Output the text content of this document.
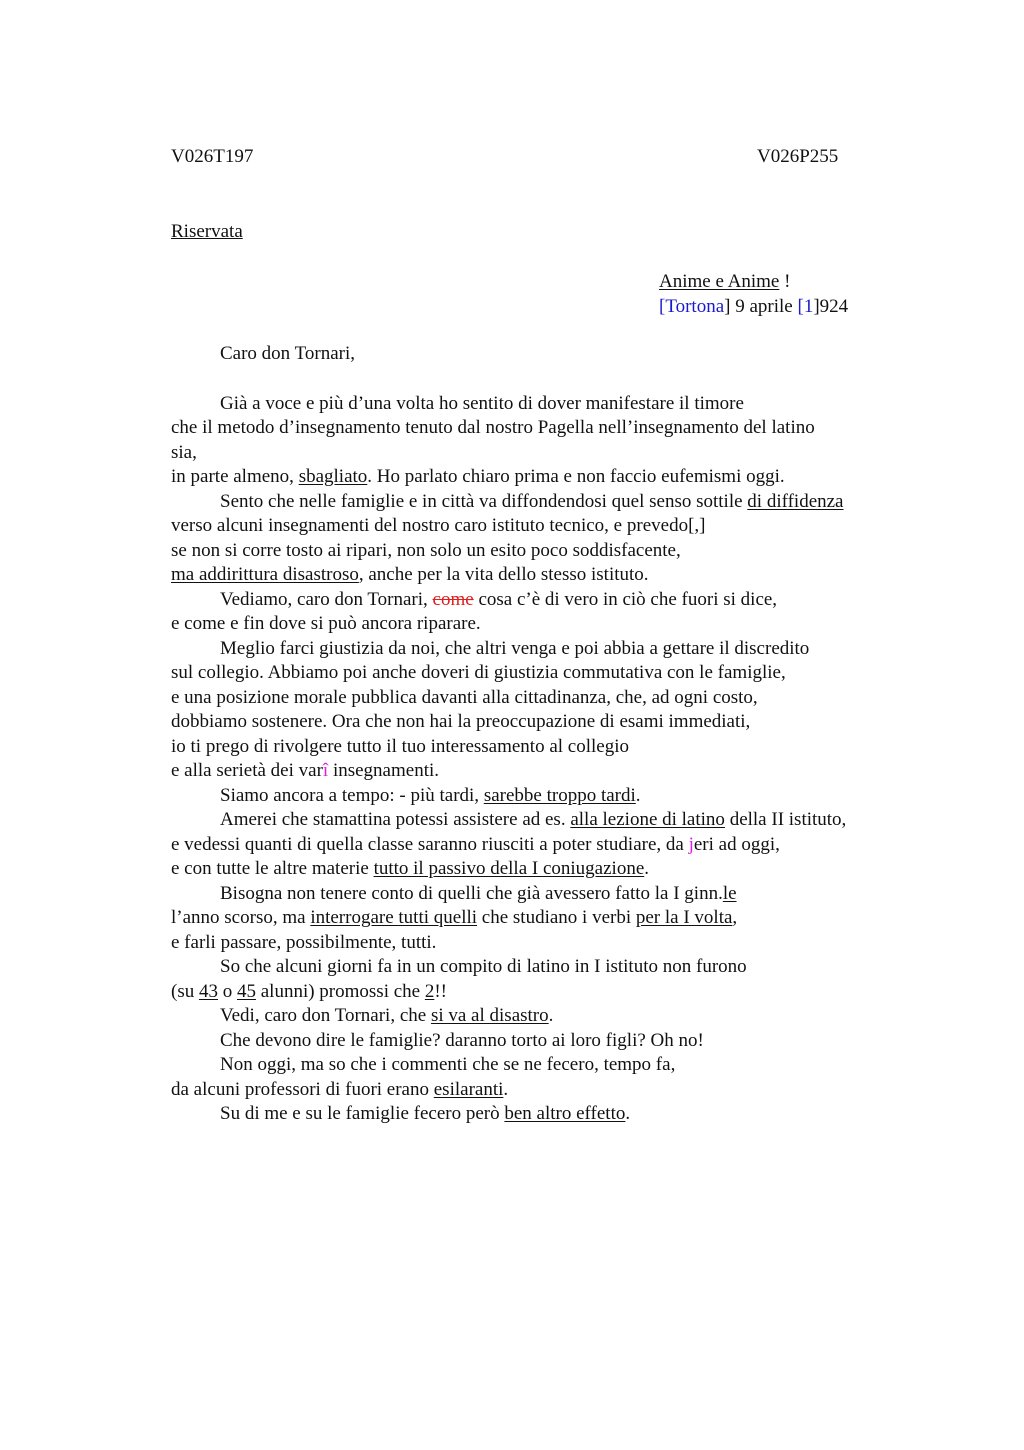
V026T197	V026P255
Riservata
Anime e Anime !
[Tortona] 9 aprile [1]924
Caro don Tornari,
Già a voce e più d’una volta ho sentito di dover manifestare il timore
che il metodo d’insegnamento tenuto dal nostro Pagella nell’insegnamento del latino
sia,
in parte almeno, sbagliato. Ho parlato chiaro prima e non faccio eufemismi oggi.
Sento che nelle famiglie e in città va diffondendosi quel senso sottile di diffidenza
verso alcuni insegnamenti del nostro caro istituto tecnico, e prevedo[,]
se non si corre tosto ai ripari, non solo un esito poco soddisfacente,
ma addirittura disastroso, anche per la vita dello stesso istituto.
Vediamo, caro don Tornari, come cosa c’è di vero in ciò che fuori si dice,
e come e fin dove si può ancora riparare.
Meglio farci giustizia da noi, che altri venga e poi abbia a gettare il discredito
sul collegio. Abbiamo poi anche doveri di giustizia commutativa con le famiglie,
e una posizione morale pubblica davanti alla cittadinanza, che, ad ogni costo,
dobbiamo sostenere. Ora che non hai la preoccupazione di esami immediati,
io ti prego di rivolgere tutto il tuo interessamento al collegio
e alla serietà dei varî insegnamenti.
Siamo ancora a tempo: - più tardi, sarebbe troppo tardi.
Amerei che stamattina potessi assistere ad es. alla lezione di latino della II istituto,
e vedessi quanti di quella classe saranno riusciti a poter studiare, da jeri ad oggi,
e con tutte le altre materie tutto il passivo della I coniugazione.
Bisogna non tenere conto di quelli che già avessero fatto la I ginn.le
l’anno scorso, ma interrogare tutti quelli che studiano i verbi per la I volta,
e farli passare, possibilmente, tutti.
So che alcuni giorni fa in un compito di latino in I istituto non furono
(su 43 o 45 alunni) promossi che 2!!
Vedi, caro don Tornari, che si va al disastro.
Che devono dire le famiglie? daranno torto ai loro figli? Oh no!
Non oggi, ma so che i commenti che se ne fecero, tempo fa,
da alcuni professori di fuori erano esilaranti.
Su di me e su le famiglie fecero però ben altro effetto.
